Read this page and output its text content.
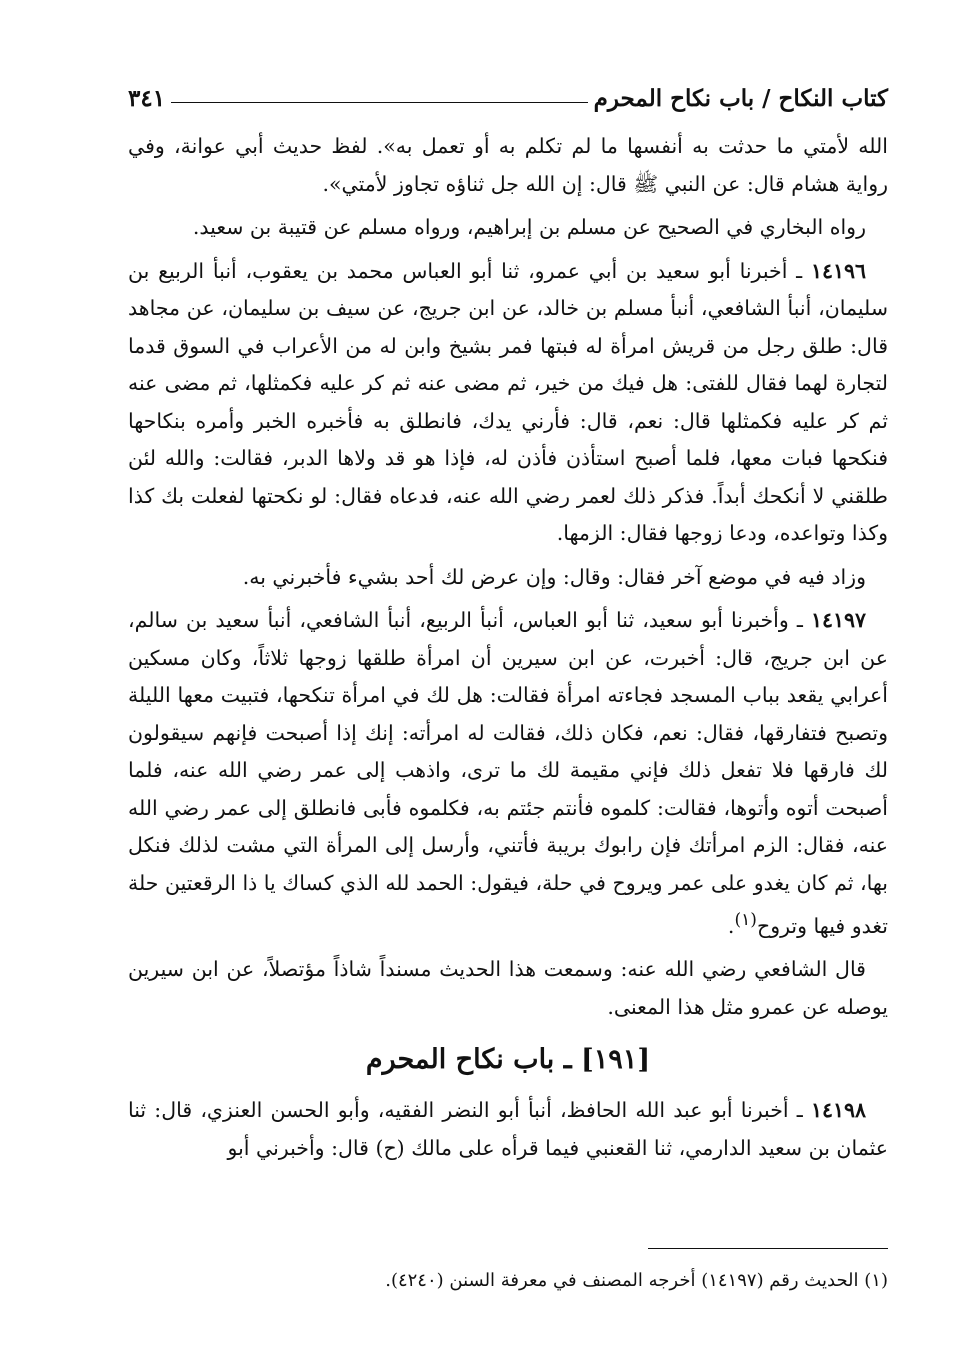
كتاب النكاح / باب نكاح المحرم
٣٤١

الله لأمتي ما حدثت به أنفسها ما لم تكلم به أو تعمل به». لفظ حديث أبي عوانة، وفي رواية هشام قال: عن النبي ﷺ قال: إن الله جل ثناؤه تجاوز لأمتي».

رواه البخاري في الصحيح عن مسلم بن إبراهيم، ورواه مسلم عن قتيبة بن سعيد.

١٤١٩٦ ـ أخبرنا أبو سعيد بن أبي عمرو، ثنا أبو العباس محمد بن يعقوب، أنبأ الربيع بن سليمان، أنبأ الشافعي، أنبأ مسلم بن خالد، عن ابن جريج، عن سيف بن سليمان، عن مجاهد قال: طلق رجل من قريش امرأة له فبتها فمر بشيخ وابن له من الأعراب في السوق قدما لتجارة لهما فقال للفتى: هل فيك من خير، ثم مضى عنه ثم كر عليه فكمثلها، ثم مضى عنه ثم كر عليه فكمثلها قال: نعم، قال: فأرني يدك، فانطلق به فأخبره الخبر وأمره بنكاحها فنكحها فبات معها، فلما أصبح استأذن فأذن له، فإذا هو قد ولاها الدبر، فقالت: والله لئن طلقني لا أنكحك أبداً. فذكر ذلك لعمر رضي الله عنه، فدعاه فقال: لو نكحتها لفعلت بك كذا وكذا وتواعده، ودعا زوجها فقال: الزمها.

وزاد فيه في موضع آخر فقال: وقال: وإن عرض لك أحد بشيء فأخبرني به.

١٤١٩٧ ـ وأخبرنا أبو سعيد، ثنا أبو العباس، أنبأ الربيع، أنبأ الشافعي، أنبأ سعيد بن سالم، عن ابن جريج، قال: أخبرت، عن ابن سيرين أن امرأة طلقها زوجها ثلاثاً، وكان مسكين أعرابي يقعد بباب المسجد فجاءته امرأة فقالت: هل لك في امرأة تنكحها، فتبيت معها الليلة وتصبح فتفارقها، فقال: نعم، فكان ذلك، فقالت له امرأته: إنك إذا أصبحت فإنهم سيقولون لك فارقها فلا تفعل ذلك فإني مقيمة لك ما ترى، واذهب إلى عمر رضي الله عنه، فلما أصبحت أتوه وأتوها، فقالت: كلموه فأنتم جئتم به، فكلموه فأبى فانطلق إلى عمر رضي الله عنه، فقال: الزم امرأتك فإن رابوك بريبة فأتني، وأرسل إلى المرأة التي مشت لذلك فنكل بها، ثم كان يغدو على عمر ويروح في حلة، فيقول: الحمد لله الذي كساك يا ذا الرقعتين حلة تغدو فيها وتروح$^{(١)}$.

قال الشافعي رضي الله عنه: وسمعت هذا الحديث مسنداً شاذاً مؤتصلاً، عن ابن سيرين يوصله عن عمرو مثل هذا المعنى.

[١٩١] ـ باب نكاح المحرم

١٤١٩٨ ـ أخبرنا أبو عبد الله الحافظ، أنبأ أبو النضر الفقيه، وأبو الحسن العنزي، قال: ثنا عثمان بن سعيد الدارمي، ثنا القعنبي فيما قرأه على مالك (ح) قال: وأخبرني أبو

(١) الحديث رقم (١٤١٩٧) أخرجه المصنف في معرفة السنن (٤٢٤٠).
